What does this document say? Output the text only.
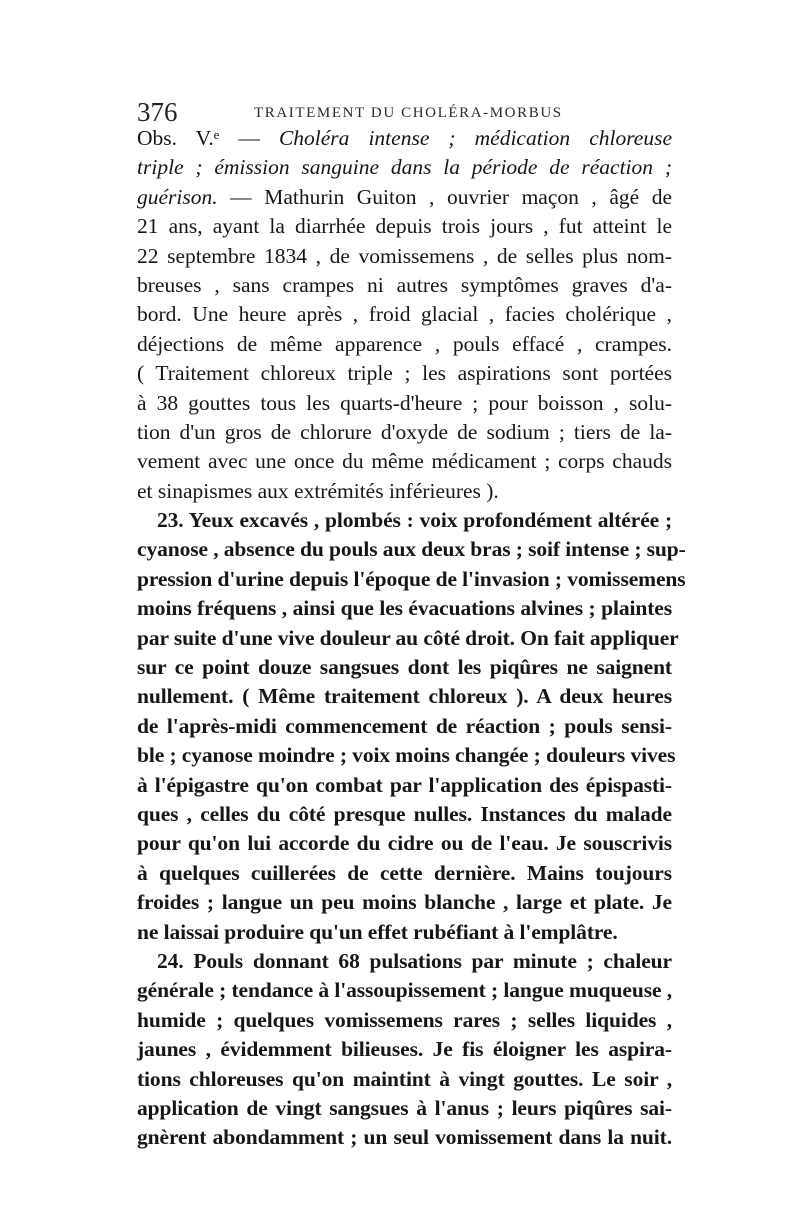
376	TRAITEMENT DU CHOLÉRA-MORBUS
Obs. V.ᵉ — Choléra intense ; médication chloreuse
triple ; émission sanguine dans la période de réaction ;
guérison. — Mathurin Guiton , ouvrier maçon , âgé de
21 ans, ayant la diarrhée depuis trois jours , fut atteint le
22 septembre 1834 , de vomissemens , de selles plus nom-
breuses , sans crampes ni autres symptômes graves d'a-
bord. Une heure après , froid glacial , facies cholérique ,
déjections de même apparence , pouls effacé , crampes.
( Traitement chloreux triple ; les aspirations sont portées
à 38 gouttes tous les quarts-d'heure ; pour boisson , solu-
tion d'un gros de chlorure d'oxyde de sodium ; tiers de la-
vement avec une once du même médicament ; corps chauds
et sinapismes aux extrémités inférieures ).
23. Yeux excavés , plombés : voix profondément altérée ;
cyanose , absence du pouls aux deux bras ; soif intense ; sup-
pression d'urine depuis l'époque de l'invasion ; vomissemens
moins fréquens , ainsi que les évacuations alvines ; plaintes
par suite d'une vive douleur au côté droit. On fait appliquer
sur ce point douze sangsues dont les piqûres ne saignent
nullement. ( Même traitement chloreux ). A deux heures
de l'après-midi commencement de réaction ; pouls sensi-
ble ; cyanose moindre ; voix moins changée ; douleurs vives
à l'épigastre qu'on combat par l'application des épispasti-
ques , celles du côté presque nulles. Instances du malade
pour qu'on lui accorde du cidre ou de l'eau. Je souscrivis
à quelques cuillerées de cette dernière. Mains toujours
froides ; langue un peu moins blanche , large et plate. Je
ne laissai produire qu'un effet rubéfiant à l'emplâtre.
24. Pouls donnant 68 pulsations par minute ; chaleur
générale ; tendance à l'assoupissement ; langue muqueuse ,
humide ; quelques vomissemens rares ; selles liquides ,
jaunes , évidemment bilieuses. Je fis éloigner les aspira-
tions chloreuses qu'on maintint à vingt gouttes. Le soir ,
application de vingt sangsues à l'anus ; leurs piqûres sai-
gnèrent abondamment ; un seul vomissement dans la nuit.
